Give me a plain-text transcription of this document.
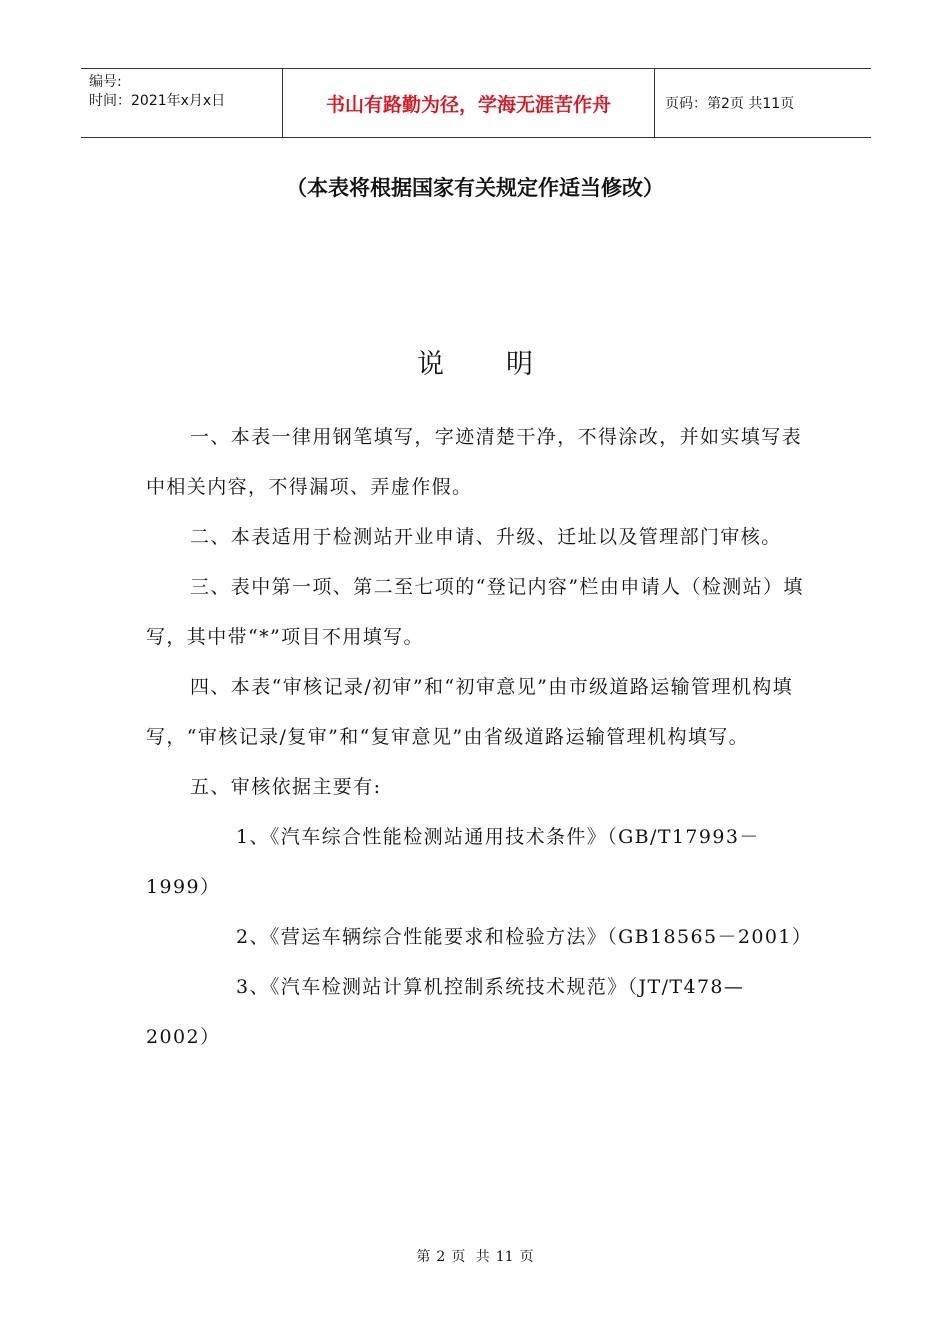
编号:
时间：2021年x月x日	书山有路勤为径，学海无涯苦作舟	页码：第2页 共11页
（本表将根据国家有关规定作适当修改）
说明

一、本表一律用钢笔填写，字迹清楚干净，不得涂改，并如实填写表中相关内容，不得漏项、弄虚作假。

二、本表适用于检测站开业申请、升级、迁址以及管理部门审核。

三、表中第一项、第二至七项的“登记内容”栏由申请人（检测站）填写，其中带“*”项目不用填写。

四、本表“审核记录/初审”和“初审意见”由市级道路运输管理机构填写，“审核记录/复审”和“复审意见”由省级道路运输管理机构填写。

五、审核依据主要有:

1、《汽车综合性能检测站通用技术条件》（GB/T17993－1999）

2、《营运车辆综合性能要求和检验方法》（GB18565－2001）

3、《汽车检测站计算机控制系统技术规范》（JT/T478—2002）

第 2 页 共 11 页
